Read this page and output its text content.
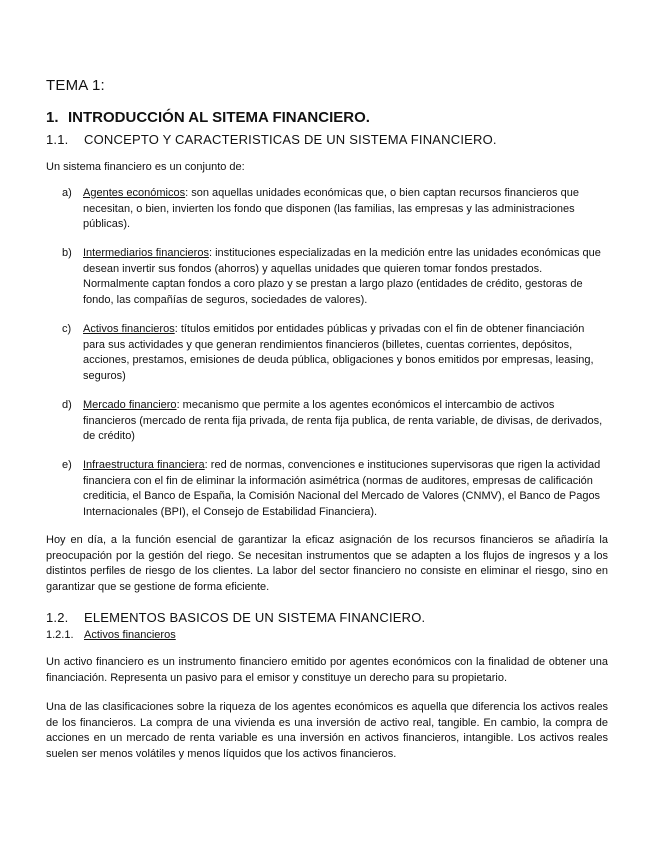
TEMA 1:
1. INTRODUCCIÓN AL SITEMA FINANCIERO.
1.1. CONCEPTO Y CARACTERISTICAS DE UN SISTEMA FINANCIERO.
Un sistema financiero es un conjunto de:
a)	Agentes económicos: son aquellas unidades económicas que, o bien captan recursos financieros que necesitan, o bien, invierten los fondo que disponen (las familias, las empresas y las administraciones públicas).
b)	Intermediarios financieros: instituciones especializadas en la medición entre las unidades económicas que desean invertir sus fondos (ahorros) y aquellas unidades que quieren tomar fondos prestados. Normalmente captan fondos a coro plazo y se prestan a largo plazo (entidades de crédito, gestoras de fondo, las compañías de seguros, sociedades de valores).
c)	Activos financieros: títulos emitidos por entidades públicas y privadas con el fin de obtener financiación para sus actividades y que generan rendimientos financieros (billetes, cuentas corrientes, depósitos, acciones, prestamos, emisiones de deuda pública, obligaciones y bonos emitidos por empresas, leasing, seguros)
d)	Mercado financiero: mecanismo que permite a los agentes económicos el intercambio de activos financieros (mercado de renta fija privada, de renta fija publica, de renta variable, de divisas, de derivados, de crédito)
e)	Infraestructura financiera: red de normas, convenciones e instituciones supervisoras que rigen la actividad financiera con el fin de eliminar la información asimétrica (normas de auditores, empresas de calificación crediticia, el Banco de España, la Comisión Nacional del Mercado de Valores (CNMV), el Banco de Pagos Internacionales (BPI), el Consejo de Estabilidad Financiera).
Hoy en día, a la función esencial de garantizar la eficaz asignación de los recursos financieros se añadiría la preocupación por la gestión del riego. Se necesitan instrumentos que se adapten a los flujos de ingresos y a los distintos perfiles de riesgo de los clientes. La labor del sector financiero no consiste en eliminar el riesgo, sino en garantizar que se gestione de forma eficiente.
1.2. ELEMENTOS BASICOS DE UN SISTEMA FINANCIERO.
1.2.1. Activos financieros
Un activo financiero es un instrumento financiero emitido por agentes económicos con la finalidad de obtener una financiación. Representa un pasivo para el emisor y constituye un derecho para su propietario.
Una de las clasificaciones sobre la riqueza de los agentes económicos es aquella que diferencia los activos reales de los financieros. La compra de una vivienda es una inversión de activo real, tangible. En cambio, la compra de acciones en un mercado de renta variable es una inversión en activos financieros, intangible. Los activos reales suelen ser menos volátiles y menos líquidos que los activos financieros.
